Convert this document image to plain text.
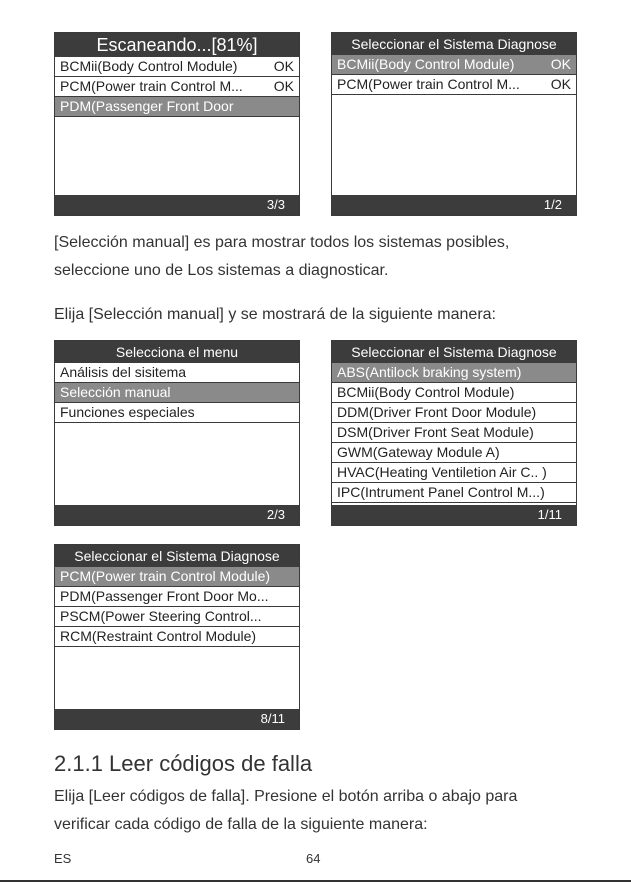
Escaneando...[81%]
BCMii(Body Control Module)	OK
PCM(Power train Control M... OK
PDM(Passenger Front Door
3/3
Seleccionar el Sistema Diagnose
BCMii(Body Control Module)	OK
PCM(Power train Control M... OK
1/2
[Selección manual] es para mostrar todos los sistemas posibles,
seleccione uno de Los sistemas a diagnosticar.
Elija [Selección manual] y se mostrará de la siguiente manera:
Selecciona el menu
Análisis del sisitema
Selección manual
Funciones especiales
2/3
Seleccionar el Sistema Diagnose
ABS(Antilock braking system)
BCMii(Body Control Module)
DDM(Driver Front Door Module)
DSM(Driver Front Seat Module)
GWM(Gateway Module A)
HVAC(Heating Ventiletion Air C.. )
IPC(Intrument Panel Control M...)
1/11
Seleccionar el Sistema Diagnose
PCM(Power train Control Module)
PDM(Passenger Front Door Mo...
PSCM(Power Steering Control...
RCM(Restraint Control Module)
8/11
2.1.1 Leer códigos de falla
Elija [Leer códigos de falla]. Presione el botón arriba o abajo para
verificar cada código de falla de la siguiente manera:
ES	64
